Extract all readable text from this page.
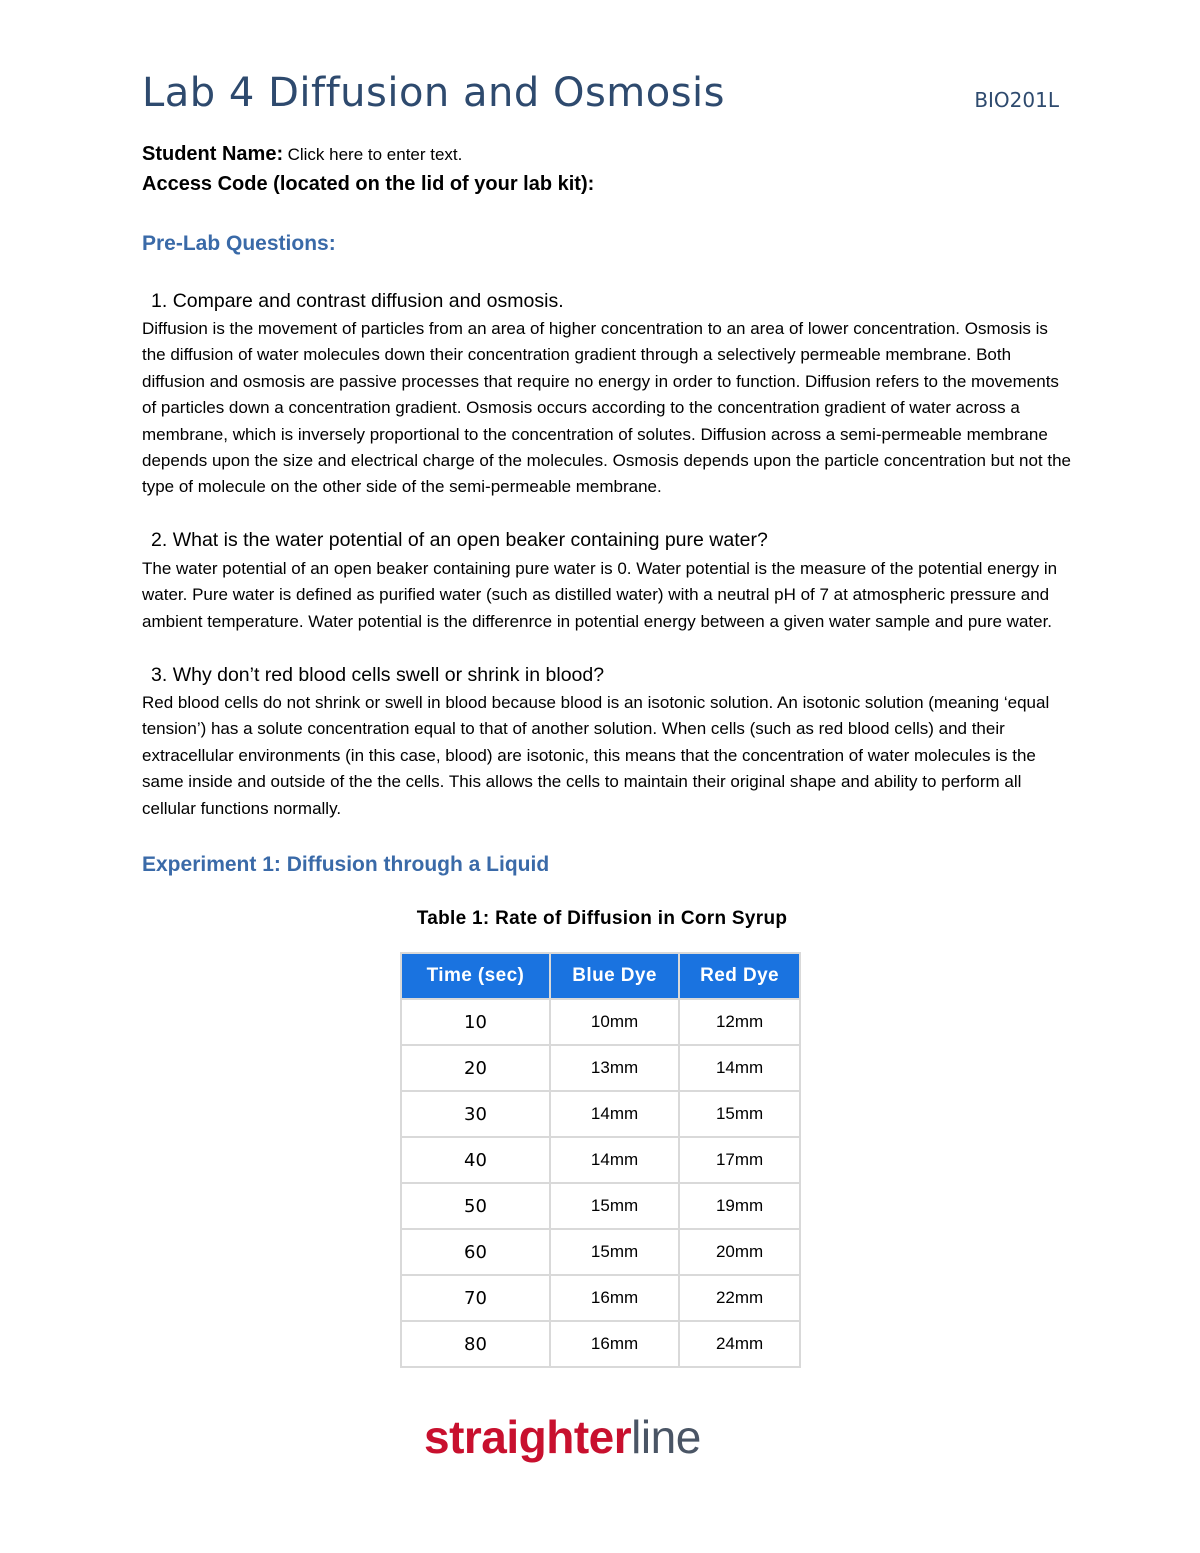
Lab 4 Diffusion and Osmosis	BIO201L
Student Name: Click here to enter text.
Access Code (located on the lid of your lab kit):
Pre-Lab Questions:
1. Compare and contrast diffusion and osmosis.
Diffusion is the movement of particles from an area of higher concentration to an area of lower concentration. Osmosis is the diffusion of water molecules down their concentration gradient through a selectively permeable membrane. Both diffusion and osmosis are passive processes that require no energy in order to function. Diffusion refers to the movements of particles down a concentration gradient. Osmosis occurs according to the concentration gradient of water across a membrane, which is inversely proportional to the concentration of solutes. Diffusion across a semi-permeable membrane depends upon the size and electrical charge of the molecules. Osmosis depends upon the particle concentration but not the type of molecule on the other side of the semi-permeable membrane.
2. What is the water potential of an open beaker containing pure water?
The water potential of an open beaker containing pure water is 0. Water potential is the measure of the potential energy in water. Pure water is defined as purified water (such as distilled water) with a neutral pH of 7 at atmospheric pressure and ambient temperature. Water potential is the differenrce in potential energy between a given water sample and pure water.
3. Why don’t red blood cells swell or shrink in blood?
Red blood cells do not shrink or swell in blood because blood is an isotonic solution. An isotonic solution (meaning ‘equal tension’) has a solute concentration equal to that of another solution. When cells (such as red blood cells) and their extracellular environments (in this case, blood) are isotonic, this means that the concentration of water molecules is the same inside and outside of the the cells. This allows the cells to maintain their original shape and ability to perform all cellular functions normally.
Experiment 1: Diffusion through a Liquid
Table 1: Rate of Diffusion in Corn Syrup
Time (sec)	Blue Dye	Red Dye
10	10mm	12mm
20	13mm	14mm
30	14mm	15mm
40	14mm	17mm
50	15mm	19mm
60	15mm	20mm
70	16mm	22mm
80	16mm	24mm
straighterline
